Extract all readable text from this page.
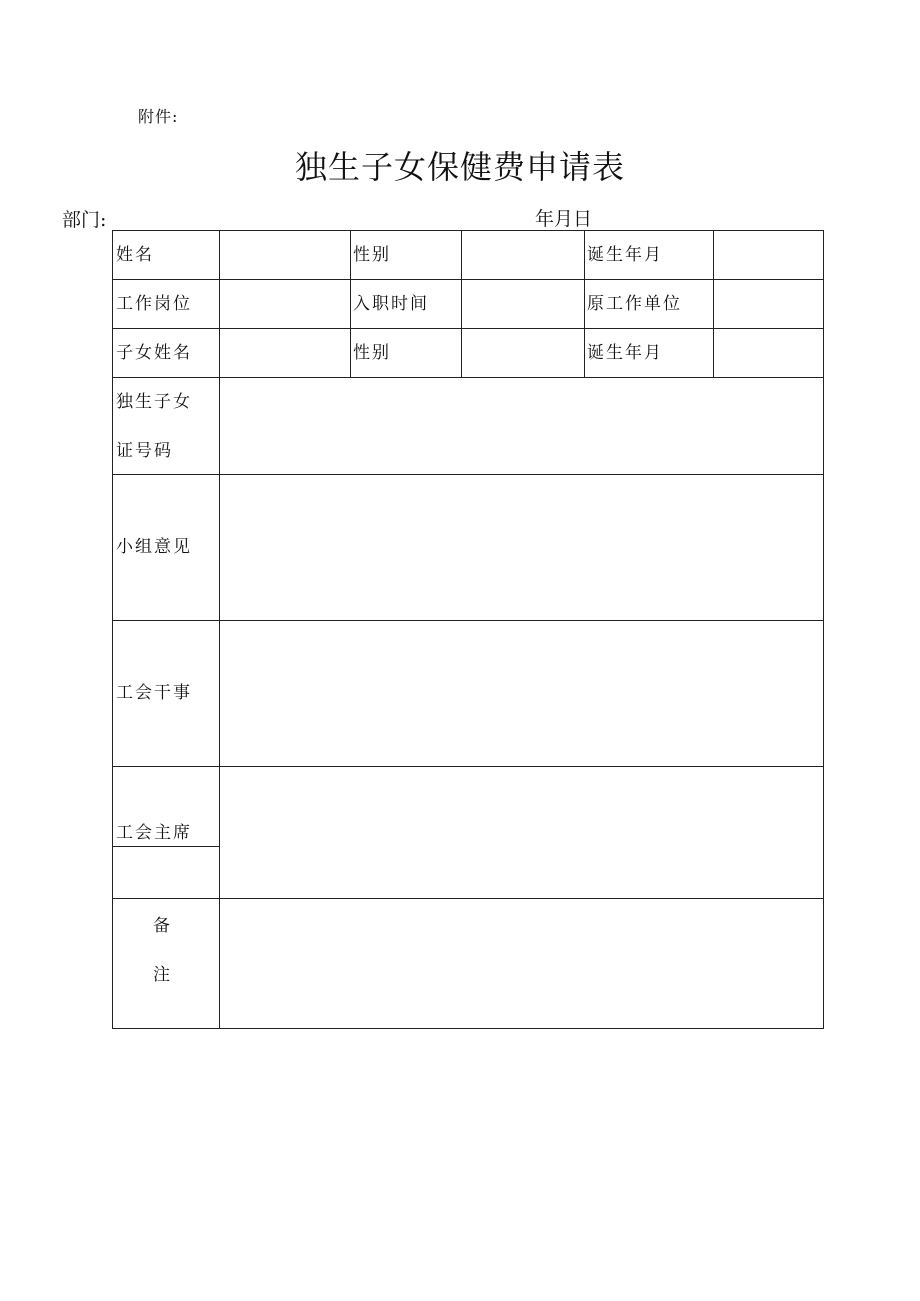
附件:
独生子女保健费申请表
部门:	年月日
姓名	性别	诞生年月
工作岗位	入职时间	原工作单位
子女姓名	性别	诞生年月
独生子女
证号码
小组意见
工会干事
工会主席
备
注
